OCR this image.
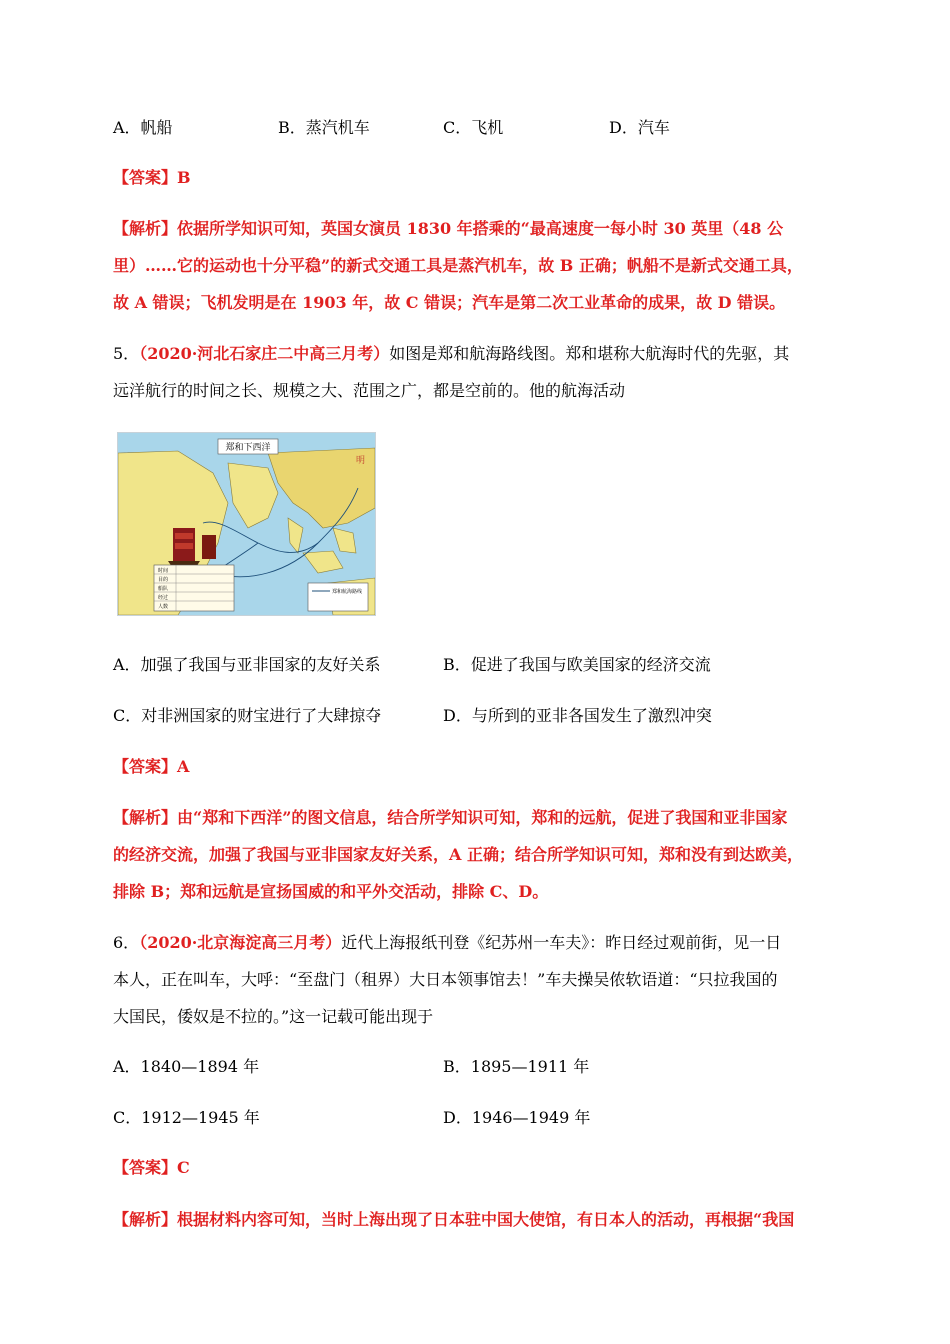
A．帆船	B．蒸汽机车	C．飞机	D．汽车
【答案】B
【解析】依据所学知识可知，英国女演员 1830 年搭乘的“最高速度一每小时 30 英里（48 公
里）……它的运动也十分平稳”的新式交通工具是蒸汽机车，故 B 正确；帆船不是新式交通工具，
故 A 错误；飞机发明是在 1903 年，故 C 错误；汽车是第二次工业革命的成果，故 D 错误。
5．（2020·河北石家庄二中高三月考）如图是郑和航海路线图。郑和堪称大航海时代的先驱，其
远洋航行的时间之长、规模之大、范围之广，都是空前的。他的航海活动
郑和下西洋
明
时间
目的
船队
经过
人数
郑和航海路线
A．加强了我国与亚非国家的友好关系	B．促进了我国与欧美国家的经济交流
C．对非洲国家的财宝进行了大肆掠夺	D．与所到的亚非各国发生了激烈冲突
【答案】A
【解析】由“郑和下西洋”的图文信息，结合所学知识可知，郑和的远航，促进了我国和亚非国家
的经济交流，加强了我国与亚非国家友好关系，A 正确；结合所学知识可知，郑和没有到达欧美，
排除 B；郑和远航是宣扬国威的和平外交活动，排除 C、D。
6．（2020·北京海淀高三月考）近代上海报纸刊登《纪苏州一车夫》：昨日经过观前街，见一日
本人，正在叫车，大呼：“至盘门（租界）大日本领事馆去！”车夫操吴侬软语道：“只拉我国的
大国民，倭奴是不拉的。”这一记载可能出现于
A．1840—1894 年	B．1895—1911 年
C．1912—1945 年	D．1946—1949 年
【答案】C
【解析】根据材料内容可知，当时上海出现了日本驻中国大使馆，有日本人的活动，再根据“我国
